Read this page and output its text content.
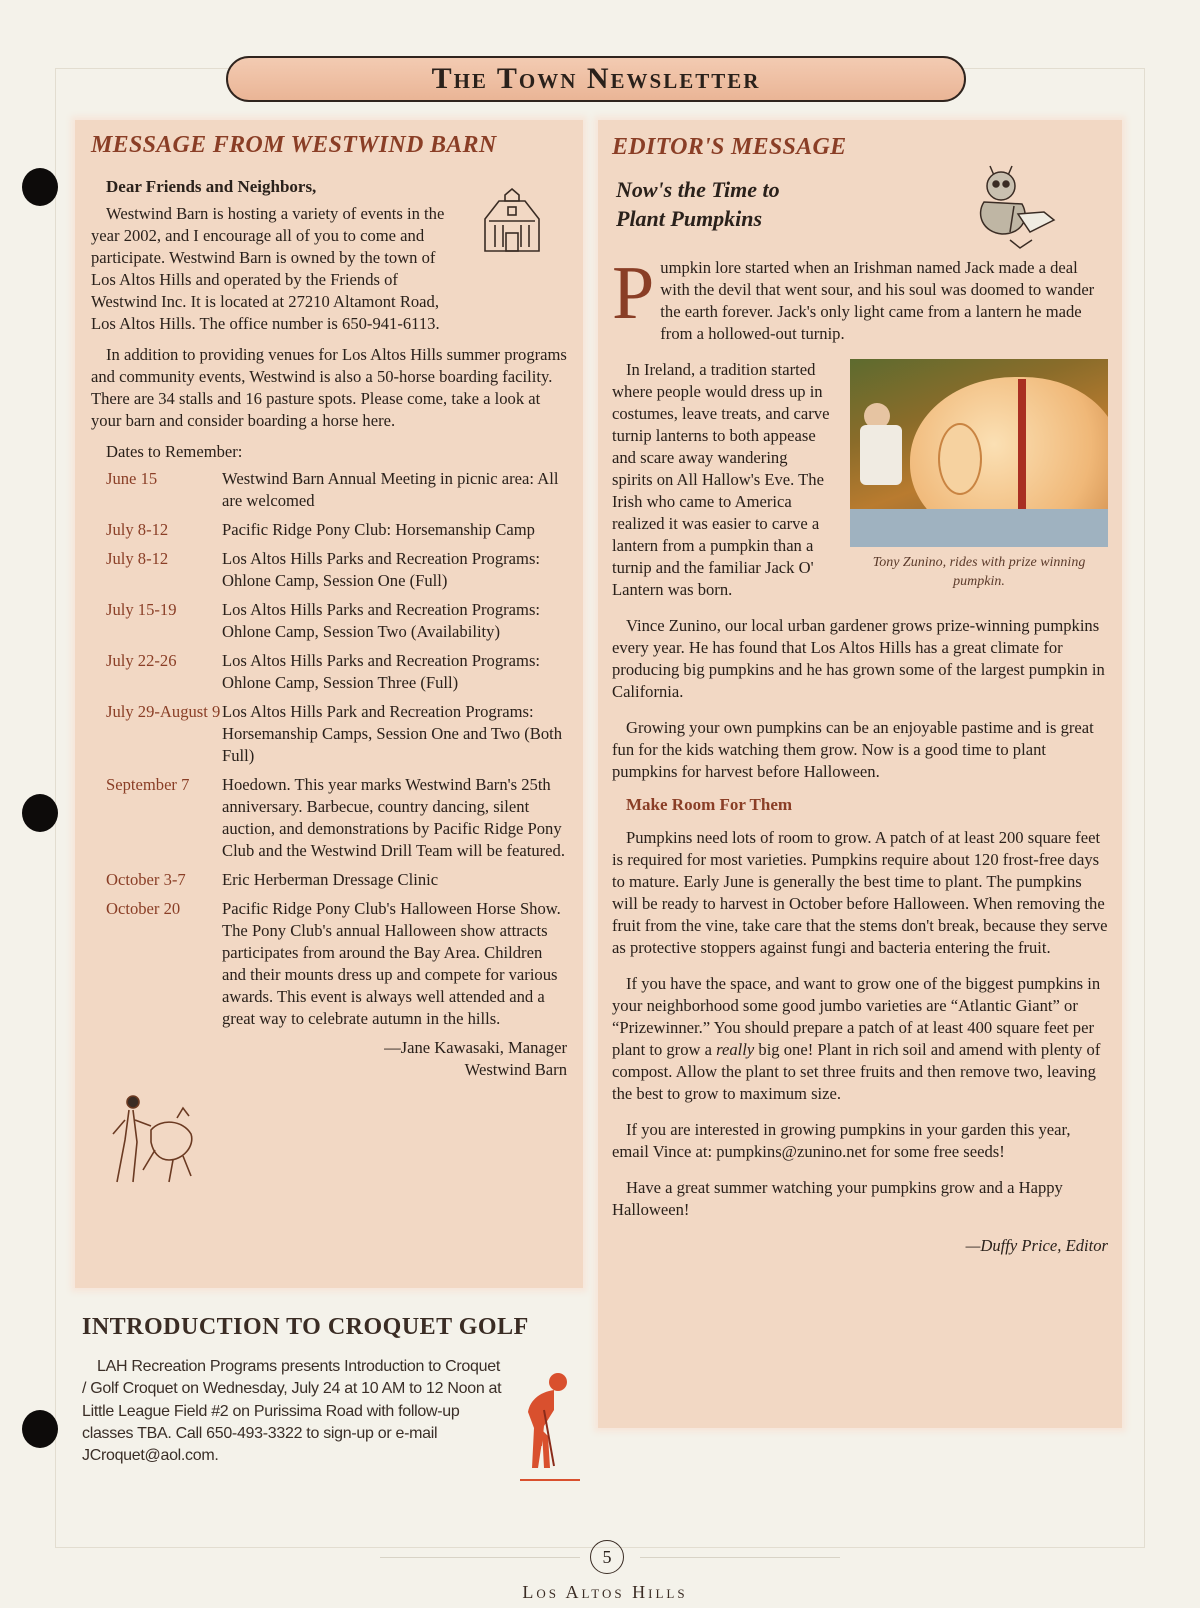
The Town Newsletter
MESSAGE FROM WESTWIND BARN
Dear Friends and Neighbors,

Westwind Barn is hosting a variety of events in the year 2002, and I encourage all of you to come and participate. Westwind Barn is owned by the town of Los Altos Hills and operated by the Friends of Westwind Inc. It is located at 27210 Altamont Road, Los Altos Hills. The office number is 650-941-6113.

In addition to providing venues for Los Altos Hills summer programs and community events, Westwind is also a 50-horse boarding facility. There are 34 stalls and 16 pasture spots. Please come, take a look at your barn and consider boarding a horse here.

Dates to Remember:
June 15	Westwind Barn Annual Meeting in picnic area: All are welcomed
July 8-12	Pacific Ridge Pony Club: Horsemanship Camp
July 8-12	Los Altos Hills Parks and Recreation Programs: Ohlone Camp, Session One (Full)
July 15-19	Los Altos Hills Parks and Recreation Programs: Ohlone Camp, Session Two (Availability)
July 22-26	Los Altos Hills Parks and Recreation Programs: Ohlone Camp, Session Three (Full)
July 29-August 9 Los Altos Hills Park and Recreation Programs: Horsemanship Camps, Session One and Two (Both Full)
September 7	Hoedown. This year marks Westwind Barn's 25th anniversary. Barbecue, country dancing, silent auction, and demonstrations by Pacific Ridge Pony Club and the Westwind Drill Team will be featured.
October 3-7	Eric Herberman Dressage Clinic
October 20	Pacific Ridge Pony Club's Halloween Horse Show. The Pony Club's annual Halloween show attracts participates from around the Bay Area. Children and their mounts dress up and compete for various awards. This event is always well attended and a great way to celebrate autumn in the hills.
—Jane Kawasaki, Manager
Westwind Barn
INTRODUCTION TO CROQUET GOLF
LAH Recreation Programs presents Introduction to Croquet / Golf Croquet on Wednesday, July 24 at 10 AM to 12 Noon at Little League Field #2 on Purissima Road with follow-up classes TBA. Call 650-493-3322 to sign-up or e-mail JCroquet@aol.com.
EDITOR'S MESSAGE
Now's the Time to
Plant Pumpkins
P umpkin lore started when an Irishman named Jack made a deal with the devil that went sour, and his soul was doomed to wander the earth forever. Jack's only light came from a lantern he made from a hollowed-out turnip.

Tony Zunino, rides with prize winning pumpkin.

In Ireland, a tradition started where people would dress up in costumes, leave treats, and carve turnip lanterns to both appease and scare away wandering spirits on All Hallow's Eve. The Irish who came to America realized it was easier to carve a lantern from a pumpkin than a turnip and the familiar Jack O' Lantern was born.

Vince Zunino, our local urban gardener grows prize-winning pumpkins every year. He has found that Los Altos Hills has a great climate for producing big pumpkins and he has grown some of the largest pumpkin in California.

Growing your own pumpkins can be an enjoyable pastime and is great fun for the kids watching them grow. Now is a good time to plant pumpkins for harvest before Halloween.

Make Room For Them

Pumpkins need lots of room to grow. A patch of at least 200 square feet is required for most varieties. Pumpkins require about 120 frost-free days to mature. Early June is generally the best time to plant. The pumpkins will be ready to harvest in October before Halloween. When removing the fruit from the vine, take care that the stems don't break, because they serve as protective stoppers against fungi and bacteria entering the fruit.

If you have the space, and want to grow one of the biggest pumpkins in your neighborhood some good jumbo varieties are “Atlantic Giant” or “Prizewinner.” You should prepare a patch of at least 400 square feet per plant to grow a really big one! Plant in rich soil and amend with plenty of compost. Allow the plant to set three fruits and then remove two, leaving the best to grow to maximum size.

If you are interested in growing pumpkins in your garden this year, email Vince at: pumpkins@zunino.net for some free seeds!

Have a great summer watching your pumpkins grow and a Happy Halloween!

—Duffy Price, Editor
5
Los Altos Hills
